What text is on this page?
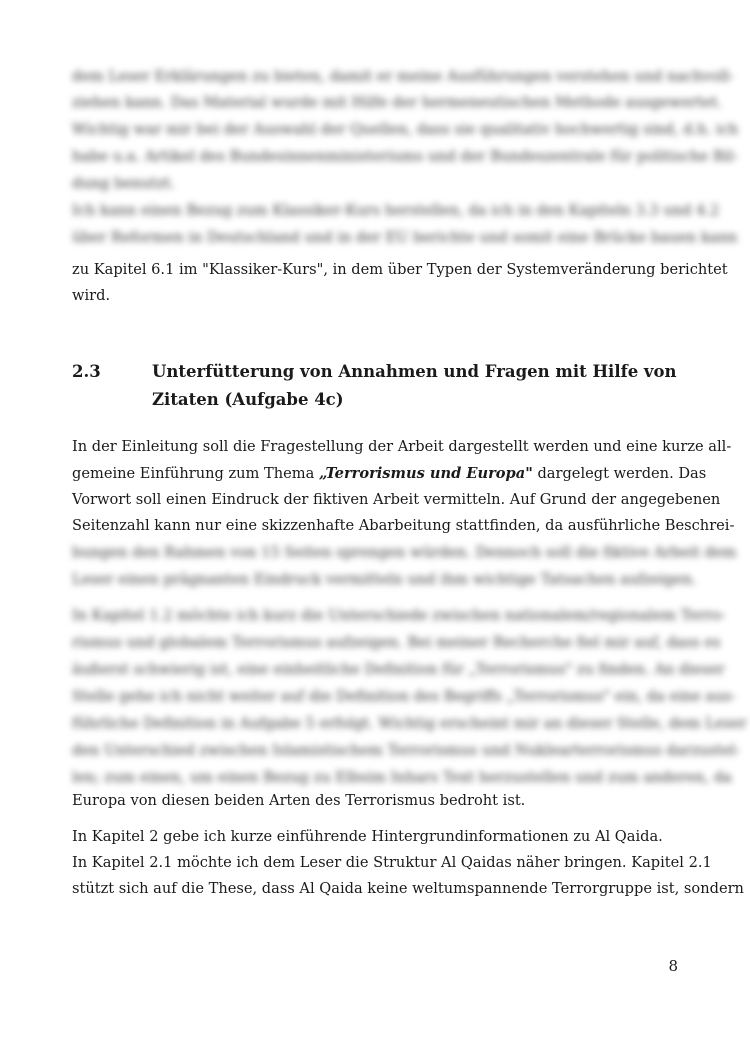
dem Leser Erklärungen zu bieten, damit er meine Ausführungen verstehen und nachvoll-
ziehen kann. Das Material wurde mit Hilfe der hermeneutischen Methode ausgewertet.
Wichtig war mir bei der Auswahl der Quellen, dass sie qualitativ hochwertig sind, d.h. ich
habe u.a. Artikel des Bundesinnenministeriums und der Bundeszentrale für politische Bil-
dung benutzt.
Ich kann einen Bezug zum Klassiker-Kurs herstellen, da ich in den Kapiteln 3.3 und 4.2
über Reformen in Deutschland und in der EU berichte und somit eine Brücke bauen kann
zu Kapitel 6.1 im "Klassiker-Kurs", in dem über Typen der Systemveränderung berichtet
wird.
2.3	Unterfütterung von Annahmen und Fragen mit Hilfe von
Zitaten (Aufgabe 4c)
In der Einleitung soll die Fragestellung der Arbeit dargestellt werden und eine kurze all-
gemeine Einführung zum Thema „Terrorismus und Europa" dargelegt werden. Das
Vorwort soll einen Eindruck der fiktiven Arbeit vermitteln. Auf Grund der angegebenen
Seitenzahl kann nur eine skizzenhafte Abarbeitung stattfinden, da ausführliche Beschrei-
bungen den Rahmen von 15 Seiten sprengen würden. Dennoch soll die fiktive Arbeit dem
Leser einen prägnanten Eindruck vermitteln und ihm wichtige Tatsachen aufzeigen.
In Kapitel 1.2 möchte ich kurz die Unterschiede zwischen nationalem/regionalem Terro-
rismus und globalem Terrorismus aufzeigen. Bei meiner Recherche fiel mir auf, dass es
äußerst schwierig ist, eine einheitliche Definition für „Terrorismus" zu finden. An dieser
Stelle gehe ich nicht weiter auf die Definition des Begriffs „Terrorismus" ein, da eine aus-
führliche Definition in Aufgabe 5 erfolgt. Wichtig erscheint mir an dieser Stelle, dem Leser
den Unterschied zwischen Islamistischem Terrorismus und Nuklearterrorismus darzustel-
len; zum einen, um einen Bezug zu Elbsim Inhars Text herzustellen und zum anderen, da
Europa von diesen beiden Arten des Terrorismus bedroht ist.
In Kapitel 2 gebe ich kurze einführende Hintergrundinformationen zu Al Qaida.
In Kapitel 2.1 möchte ich dem Leser die Struktur Al Qaidas näher bringen. Kapitel 2.1
stützt sich auf die These, dass Al Qaida keine weltumspannende Terrorgruppe ist, sondern
8
